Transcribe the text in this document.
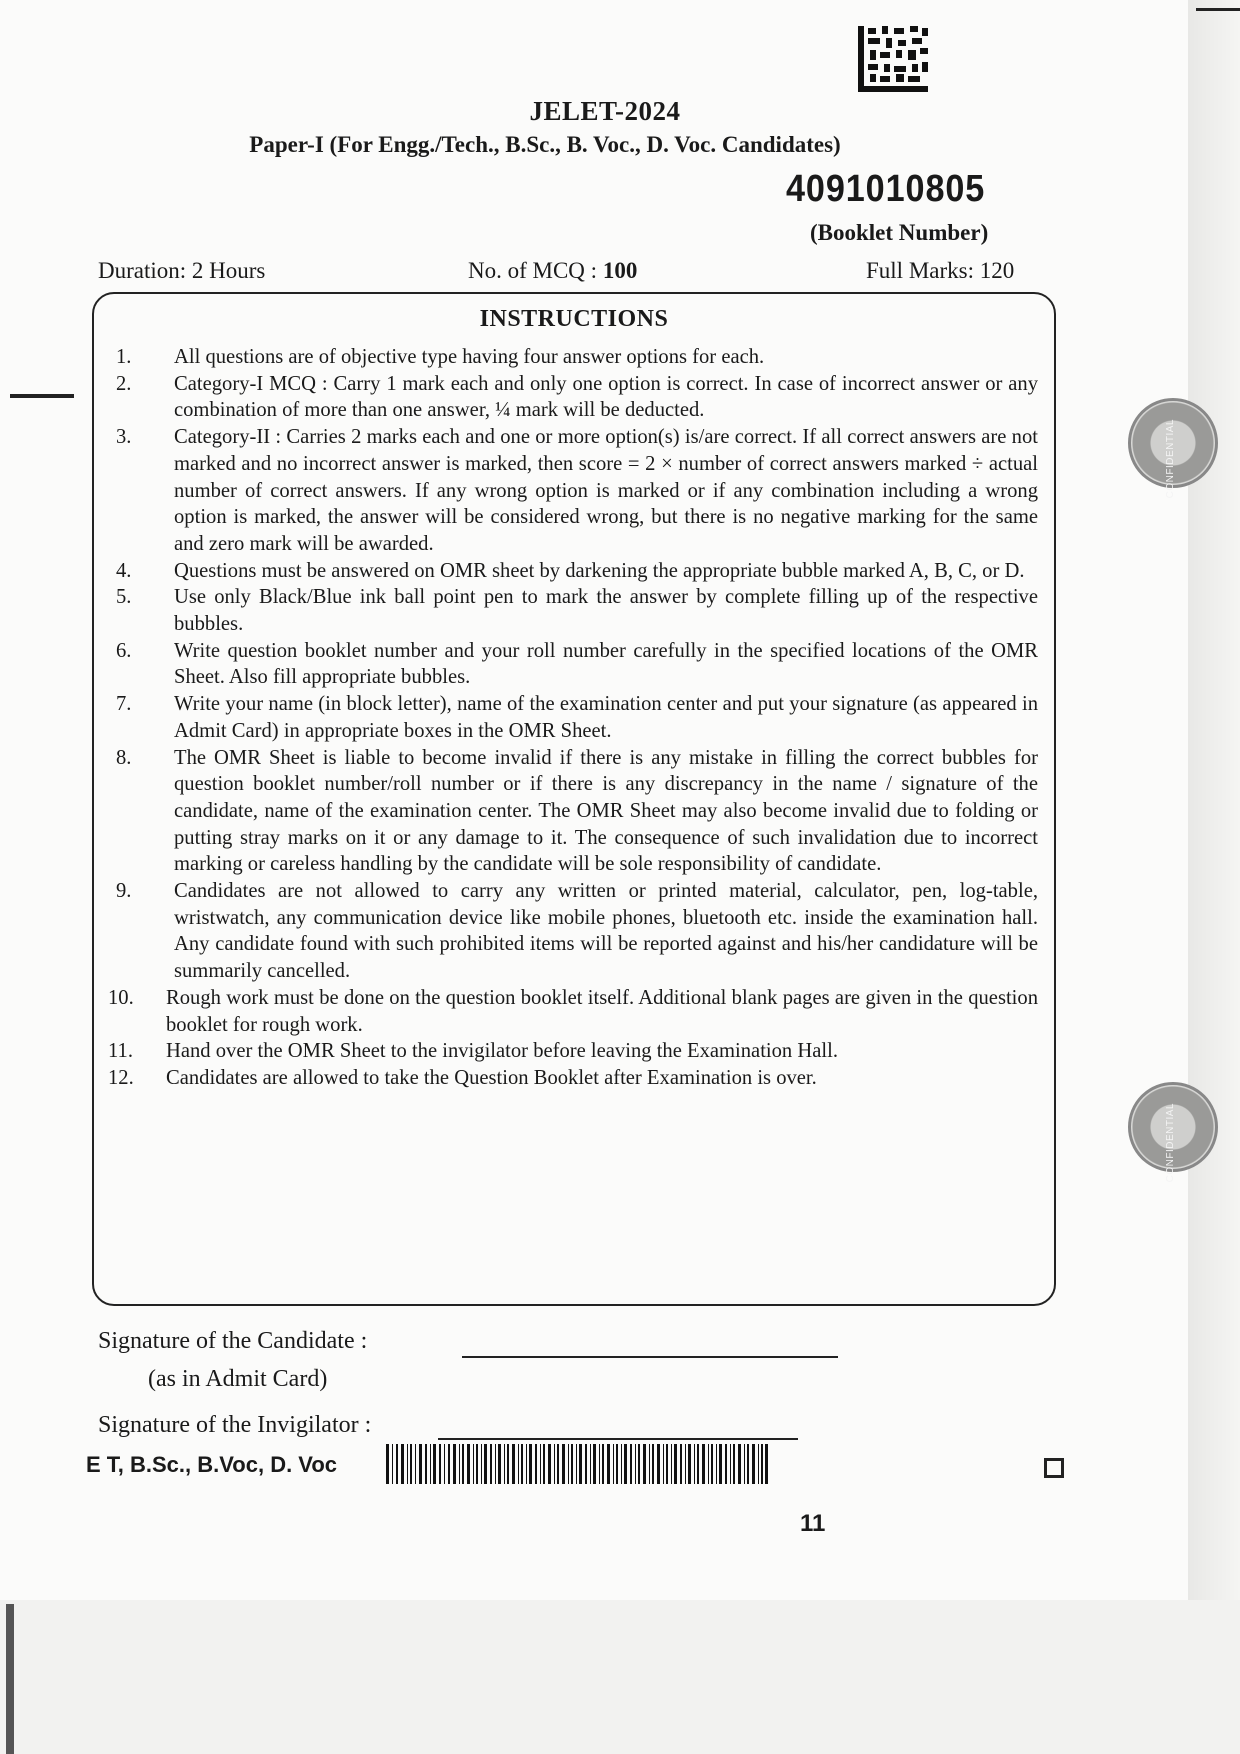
JELET-2024
Paper-I (For Engg./Tech., B.Sc., B. Voc., D. Voc. Candidates)
4091010805
(Booklet Number)
Duration: 2 Hours	No. of MCQ : 100	Full Marks: 120
INSTRUCTIONS
1.	All questions are of objective type having four answer options for each.
2.	Category-I MCQ : Carry 1 mark each and only one option is correct. In case of incorrect answer or any combination of more than one answer, ¼ mark will be deducted.
3.	Category-II : Carries 2 marks each and one or more option(s) is/are correct. If all correct answers are not marked and no incorrect answer is marked, then score = 2 × number of correct answers marked ÷ actual number of correct answers. If any wrong option is marked or if any combination including a wrong option is marked, the answer will be considered wrong, but there is no negative marking for the same and zero mark will be awarded.
4.	Questions must be answered on OMR sheet by darkening the appropriate bubble marked A, B, C, or D.
5.	Use only Black/Blue ink ball point pen to mark the answer by complete filling up of the respective bubbles.
6.	Write question booklet number and your roll number carefully in the specified locations of the OMR Sheet. Also fill appropriate bubbles.
7.	Write your name (in block letter), name of the examination center and put your signature (as appeared in Admit Card) in appropriate boxes in the OMR Sheet.
8.	The OMR Sheet is liable to become invalid if there is any mistake in filling the correct bubbles for question booklet number/roll number or if there is any discrepancy in the name / signature of the candidate, name of the examination center. The OMR Sheet may also become invalid due to folding or putting stray marks on it or any damage to it. The consequence of such invalidation due to incorrect marking or careless handling by the candidate will be sole responsibility of candidate.
9.	Candidates are not allowed to carry any written or printed material, calculator, pen, log-table, wristwatch, any communication device like mobile phones, bluetooth etc. inside the examination hall. Any candidate found with such prohibited items will be reported against and his/her candidature will be summarily cancelled.
10.	Rough work must be done on the question booklet itself. Additional blank pages are given in the question booklet for rough work.
11.	Hand over the OMR Sheet to the invigilator before leaving the Examination Hall.
12.	Candidates are allowed to take the Question Booklet after Examination is over.
Signature of the Candidate :
(as in Admit Card)
Signature of the Invigilator :
E T, B.Sc., B.Voc, D. Voc
11
CONFIDENTIAL
CONFIDENTIAL
